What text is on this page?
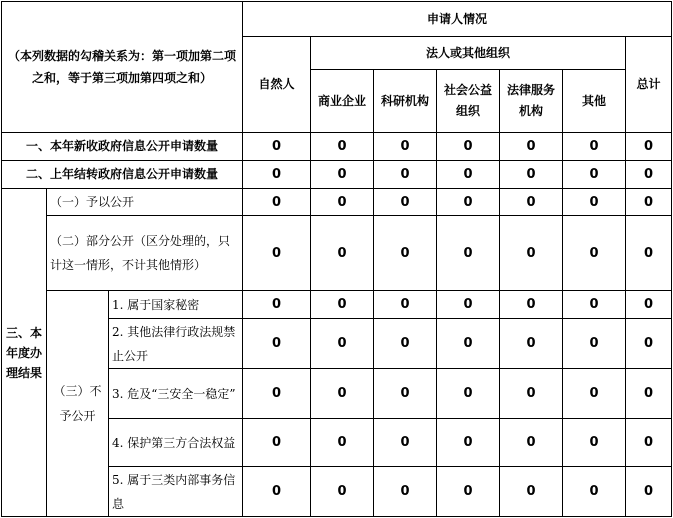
（本列数据的勾稽关系为：第一项加第二项之和，等于第三项加第四项之和）			申请人情况						
			自然人	法人或其他组织					总计
				商业企业	科研机构	社会公益组织	法律服务机构	其他	
一、本年新收政府信息公开申请数量			0	0	0	0	0	0	0
二、上年结转政府信息公开申请数量			0	0	0	0	0	0	0
三、本年度办理结果	（一）予以公开		0	0	0	0	0	0	0
	（二）部分公开（区分处理的，只计这一情形，不计其他情形）		0	0	0	0	0	0	0
	（三）不予公开	1. 属于国家秘密	0	0	0	0	0	0	0
		2. 其他法律行政法规禁止公开	0	0	0	0	0	0	0
		3. 危及“三安全一稳定”	0	0	0	0	0	0	0
		4. 保护第三方合法权益	0	0	0	0	0	0	0
		5. 属于三类内部事务信息	0	0	0	0	0	0	0
